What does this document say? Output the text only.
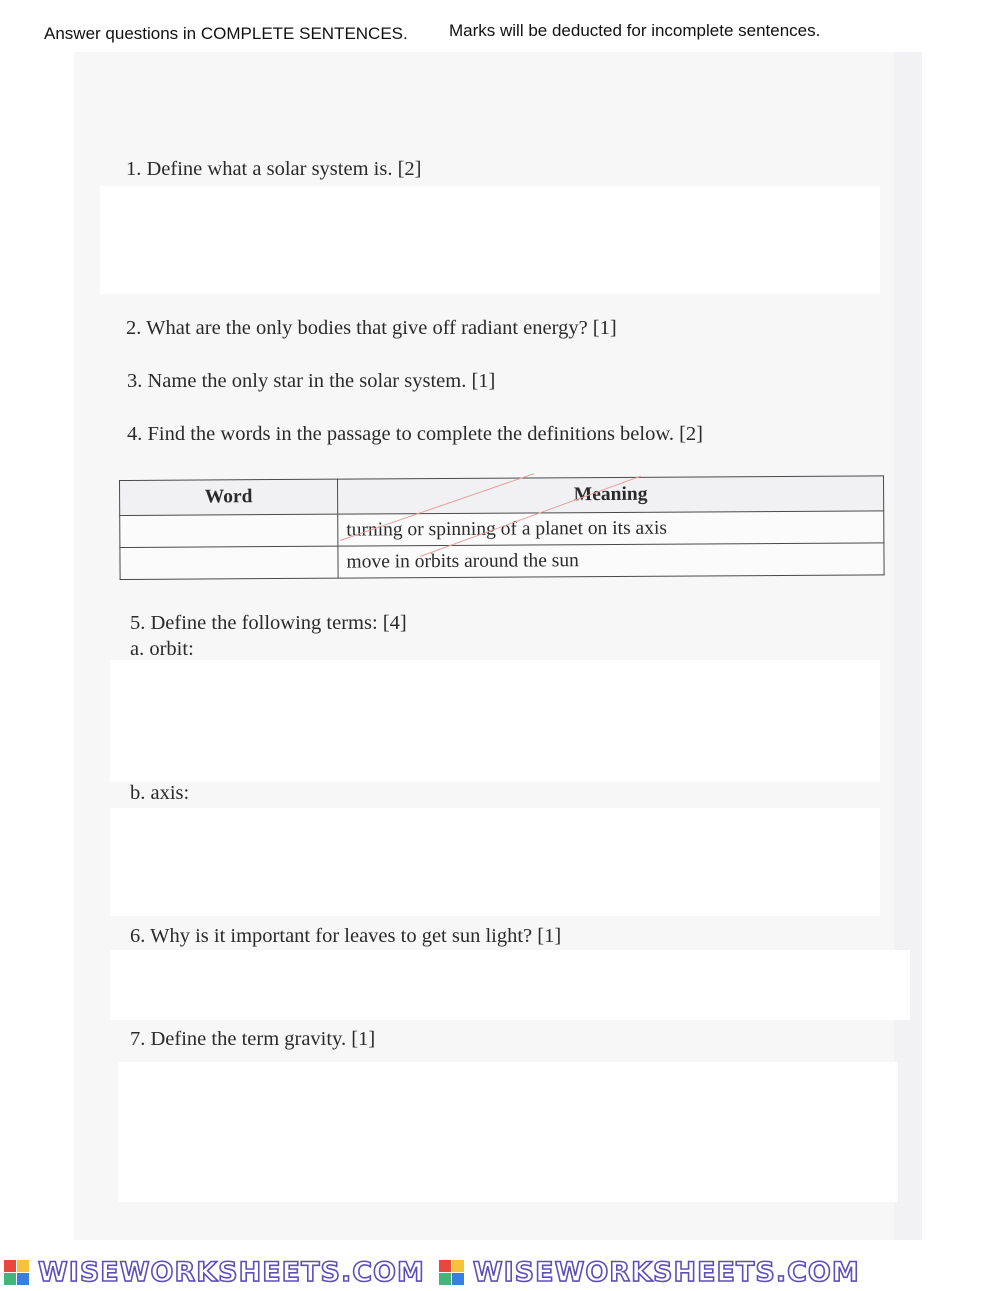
Answer questions in COMPLETE SENTENCES. Marks will be deducted for incomplete sentences.
1. Define what a solar system is. [2]
2. What are the only bodies that give off radiant energy? [1]
3. Name the only star in the solar system. [1]
4. Find the words in the passage to complete the definitions below. [2]
Word	Meaning
	turning or spinning of a planet on its axis
	move in orbits around the sun
5. Define the following terms: [4]
a. orbit:
b. axis:
6. Why is it important for leaves to get sun light? [1]
7. Define the term gravity. [1]
WISEWORKSHEETS.COM WISEWORKSHEETS.COM
